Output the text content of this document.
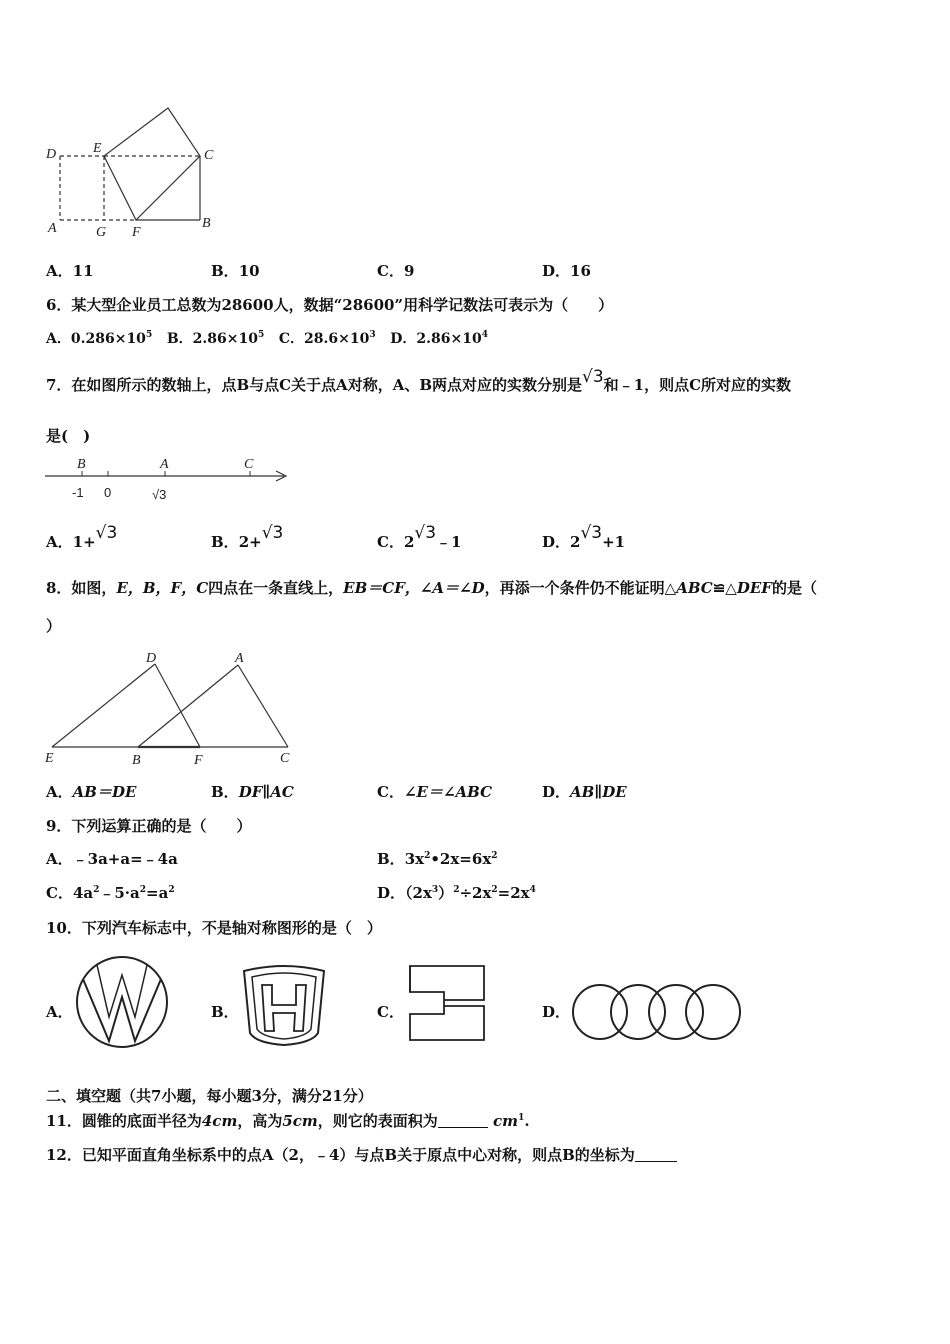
D	E	C
A	G F
B
A．11	B．10	C．9	D．16
6．某大型企业员工总数为28600人，数据“28600”用科学记数法可表示为（　　）
A．$0.286\times 10^5$ B．$2.86\times 10^5$ C．$28.6\times 10^3$ D．$2.86\times 10^4$
7．在如图所示的数轴上，点B与点C关于点A对称，A、B两点对应的实数分别是√3和﹣1，则点C所对应的实数
是(　)
B	A	C
-1 0	√3
A．1+√3	B．2+√3	C．2√3﹣1	D．2√3+1
8．如图，E，B，F，C四点在一条直线上，EB＝CF，∠A＝∠D，再添一个条件仍不能证明△ABC≌△DEF的是（
）
D	A
E	B	F	C
A．AB＝DE	B．DF∥AC	C．∠E＝∠ABC	D．AB∥DE
9．下列运算正确的是（　　）
A．﹣3a+a=﹣4a	B．$3x^2•2x=6x^2$
C．$4a^2﹣5\cdot a^2=a^2$	D．$(2x^3)^2\div 2x^2=2x^4$
10．下列汽车标志中，不是轴对称图形的是（　）
A．	B．	C．	D．
二、填空题（共7小题，每小题3分，满分21分）
11．圆锥的底面半径为4cm，高为5cm，则它的表面积为	$cm^1$.
12．已知平面直角坐标系中的点A（2，﹣4）与点B关于原点中心对称，则点B的坐标为
